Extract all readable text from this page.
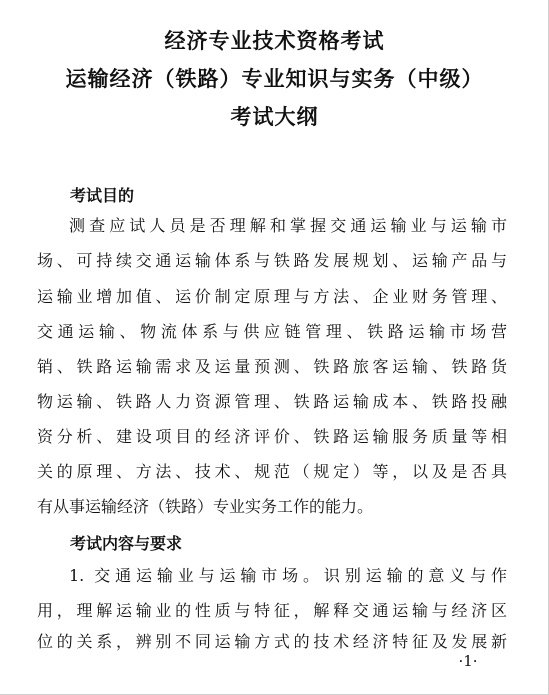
经济专业技术资格考试
运输经济（铁路）专业知识与实务（中级）
考试大纲
考试目的
测查应试人员是否理解和掌握交通运输业与运输市
场、可持续交通运输体系与铁路发展规划、运输产品与
运输业增加值、运价制定原理与方法、企业财务管理、
交通运输、物流体系与供应链管理、铁路运输市场营
销、铁路运输需求及运量预测、铁路旅客运输、铁路货
物运输、铁路人力资源管理、铁路运输成本、铁路投融
资分析、建设项目的经济评价、铁路运输服务质量等相
关的原理、方法、技术、规范（规定）等，以及是否具
有从事运输经济（铁路）专业实务工作的能力。
考试内容与要求
1. 交通运输业与运输市场。识别运输的意义与作
用，理解运输业的性质与特征，解释交通运输与经济区
位的关系，辨别不同运输方式的技术经济特征及发展新
·1·
